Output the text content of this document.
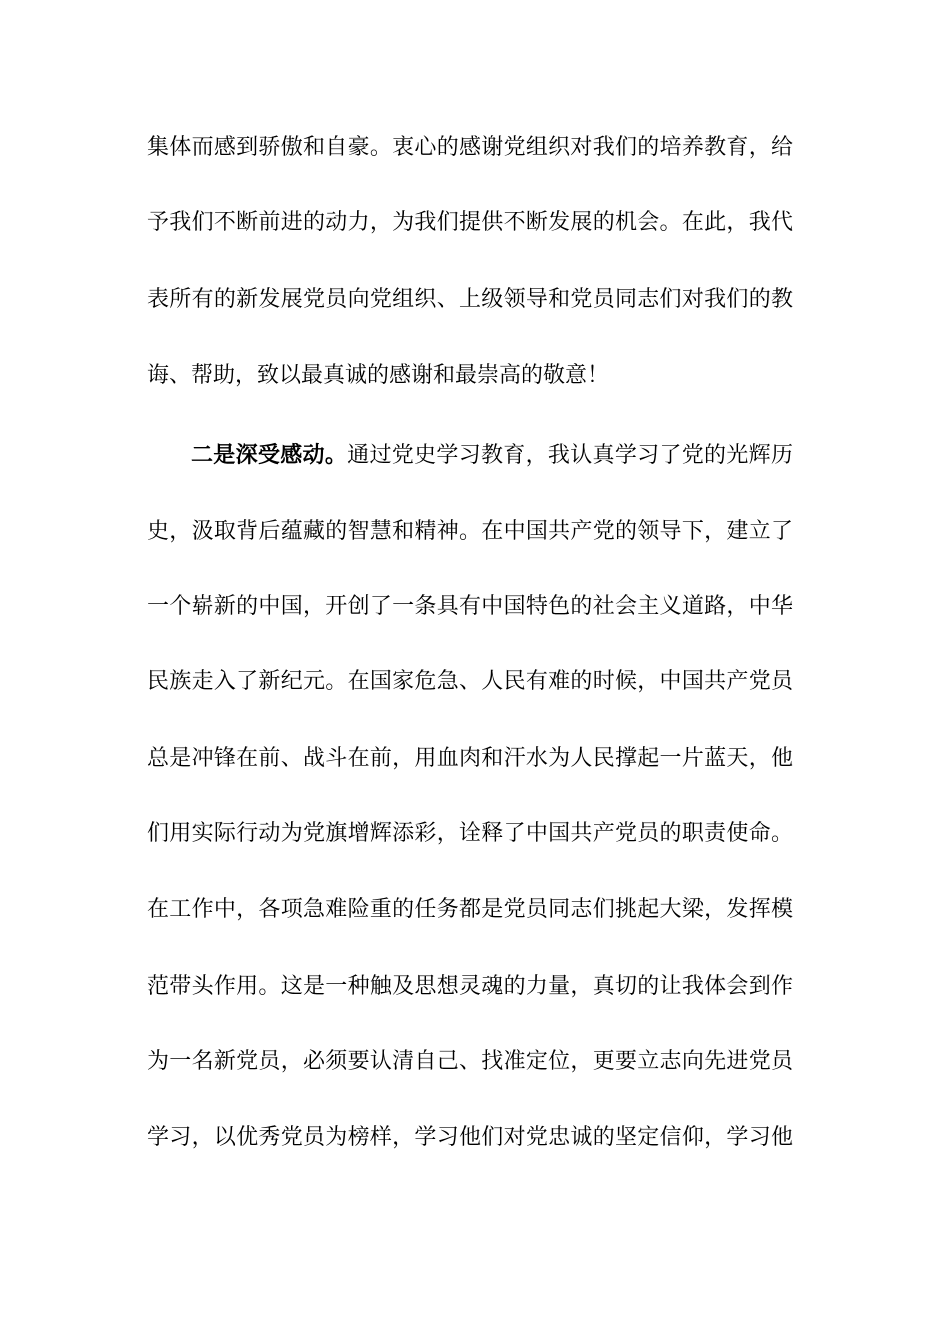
集体而感到骄傲和自豪。衷心的感谢党组织对我们的培养教育，给
予我们不断前进的动力，为我们提供不断发展的机会。在此，我代
表所有的新发展党员向党组织、上级领导和党员同志们对我们的教
诲、帮助，致以最真诚的感谢和最崇高的敬意！
二是深受感动。通过党史学习教育，我认真学习了党的光辉历
史，汲取背后蕴藏的智慧和精神。在中国共产党的领导下，建立了
一个崭新的中国，开创了一条具有中国特色的社会主义道路，中华
民族走入了新纪元。在国家危急、人民有难的时候，中国共产党员
总是冲锋在前、战斗在前，用血肉和汗水为人民撑起一片蓝天，他
们用实际行动为党旗增辉添彩，诠释了中国共产党员的职责使命。
在工作中，各项急难险重的任务都是党员同志们挑起大梁，发挥模
范带头作用。这是一种触及思想灵魂的力量，真切的让我体会到作
为一名新党员，必须要认清自己、找准定位，更要立志向先进党员
学习，以优秀党员为榜样，学习他们对党忠诚的坚定信仰，学习他
